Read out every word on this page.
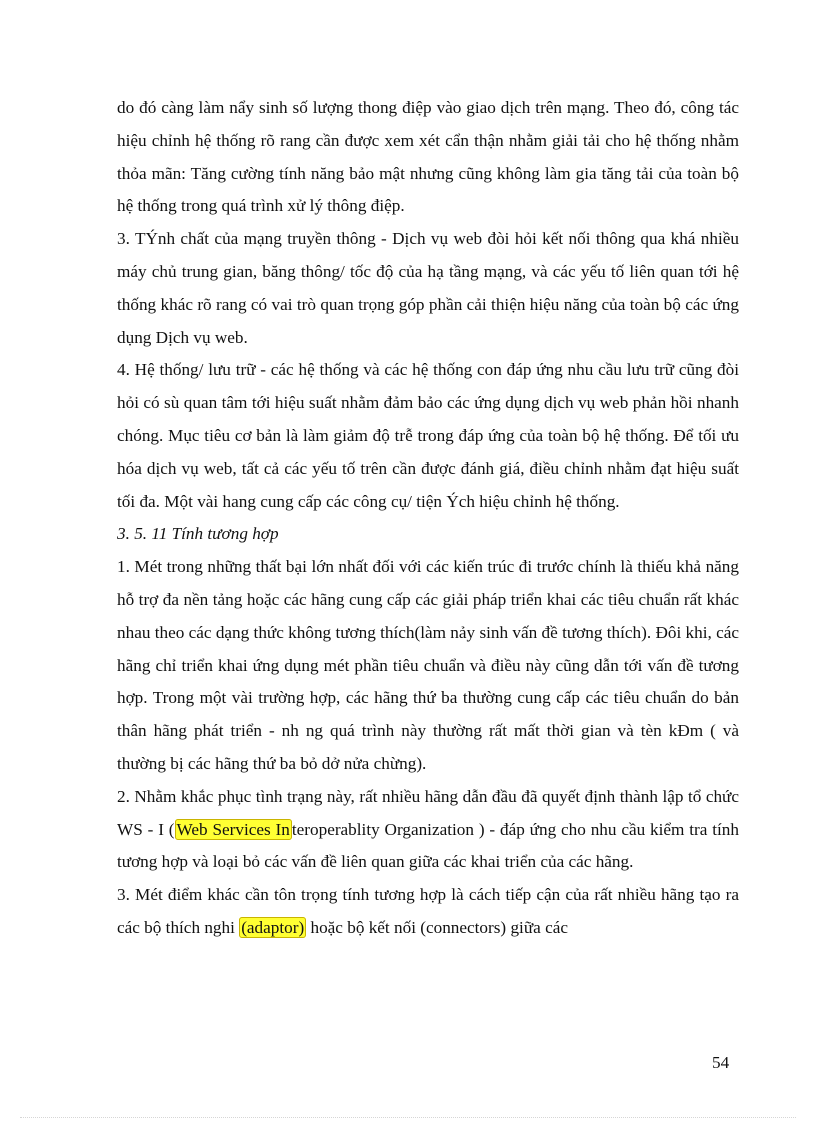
do đó càng làm nẩy sinh số lượng thong điệp vào giao dịch trên mạng. Theo đó, công tác hiệu chỉnh hệ thống rõ rang cần được xem xét cẩn thận nhằm giải tải cho hệ thống nhằm thỏa mãn: Tăng cường tính năng bảo mật nhưng cũng không làm gia tăng tải của toàn bộ hệ thống trong quá trình xử lý thông điệp.

3. TÝnh chất của mạng truyền thông - Dịch vụ web đòi hỏi kết nối thông qua khá nhiều máy chủ trung gian, băng thông/ tốc độ của hạ tầng mạng, và các yếu tố liên quan tới hệ thống khác rõ rang có vai trò quan trọng góp phần cải thiện hiệu năng của toàn bộ các ứng dụng Dịch vụ web.

4. Hệ thống/ lưu trữ - các hệ thống và các hệ thống con đáp ứng nhu cầu lưu trữ cũng đòi hỏi có sù quan tâm tới hiệu suất nhằm đảm bảo các ứng dụng dịch vụ web phản hồi nhanh chóng. Mục tiêu cơ bản là làm giảm độ trễ trong đáp ứng của toàn bộ hệ thống. Để tối ưu hóa dịch vụ web, tất cả các yếu tố trên cần được đánh giá, điều chỉnh nhằm đạt hiệu suất tối đa. Một vài hang cung cấp các công cụ/ tiện Ých hiệu chỉnh hệ thống.

3. 5. 11 Tính tương hợp

1. Mét trong những thất bại lớn nhất đối với các kiến trúc đi trước chính là thiếu khả năng hỗ trợ đa nền tảng hoặc các hãng cung cấp các giải pháp triển khai các tiêu chuẩn rất khác nhau theo các dạng thức không tương thích(làm nảy sinh vấn đề tương thích). Đôi khi, các hãng chỉ triển khai ứng dụng mét phần tiêu chuẩn và điều này cũng dẫn tới vấn đề tương hợp. Trong một vài trường hợp, các hãng thứ ba thường cung cấp các tiêu chuẩn do bản thân hãng phát triển - nh ng quá trình này thường rất mất thời gian và tèn kÐm ( và thường bị các hãng thứ ba bỏ dở nửa chừng).

2. Nhằm khắc phục tình trạng này, rất nhiều hãng dẫn đầu đã quyết định thành lập tổ chức WS - I ( Web Services In teroperablity Organization ) - đáp ứng cho nhu cầu kiểm tra tính tương hợp và loại bỏ các vấn đề liên quan giữa các khai triển của các hãng.

3. Mét điểm khác cần tôn trọng tính tương hợp là cách tiếp cận của rất nhiều hãng tạo ra các bộ thích nghi (adaptor) hoặc bộ kết nối (connectors) giữa các

54
